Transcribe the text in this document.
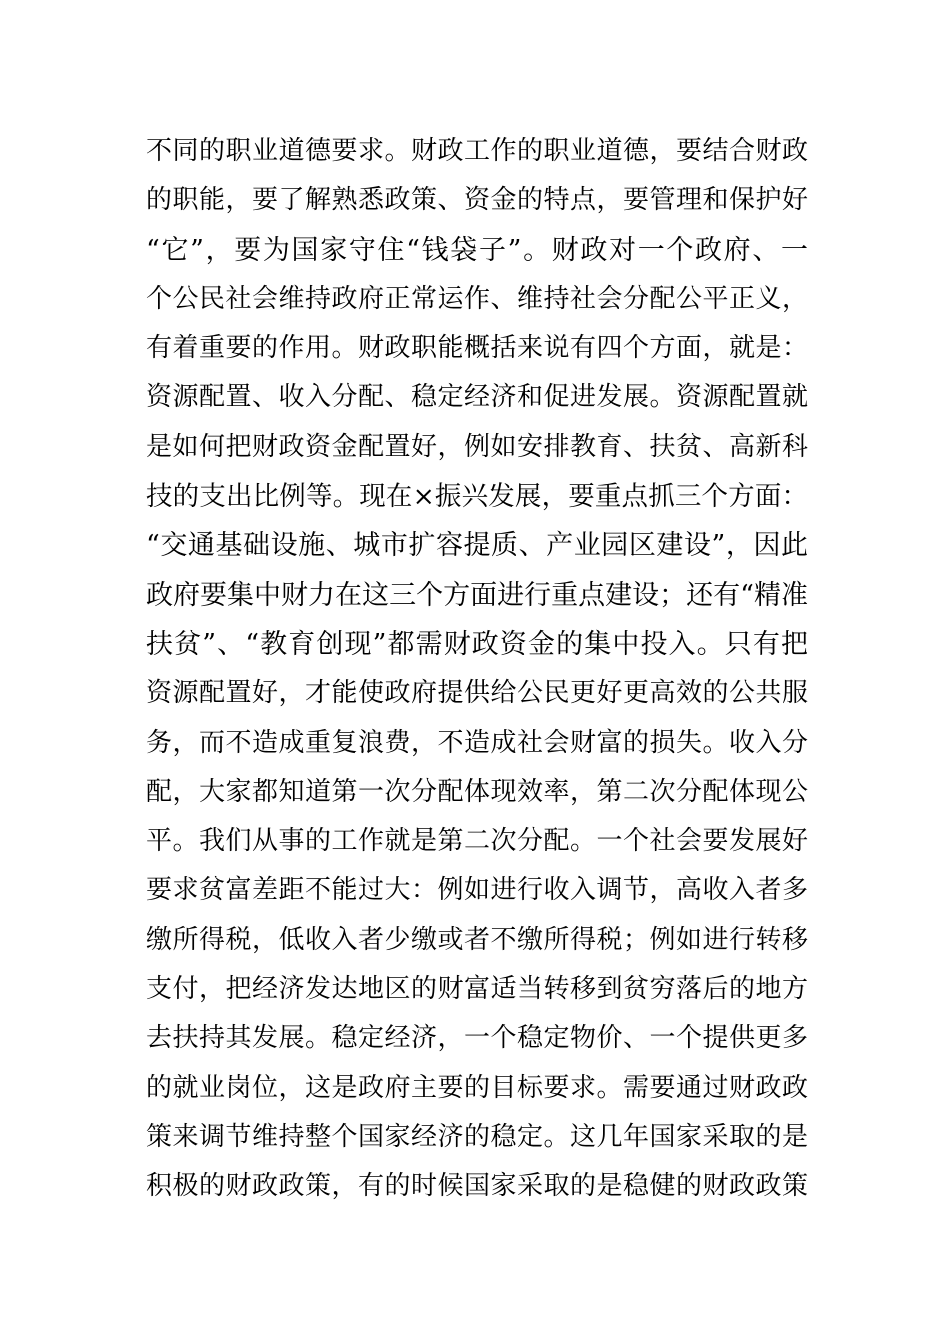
不同的职业道德要求。财政工作的职业道德，要结合财政
的职能，要了解熟悉政策、资金的特点，要管理和保护好
“它”，要为国家守住“钱袋子”。财政对一个政府、一
个公民社会维持政府正常运作、维持社会分配公平正义，
有着重要的作用。财政职能概括来说有四个方面，就是：
资源配置、收入分配、稳定经济和促进发展。资源配置就
是如何把财政资金配置好，例如安排教育、扶贫、高新科
技的支出比例等。现在×振兴发展，要重点抓三个方面：
“交通基础设施、城市扩容提质、产业园区建设”，因此
政府要集中财力在这三个方面进行重点建设；还有“精准
扶贫”、“教育创现”都需财政资金的集中投入。只有把
资源配置好，才能使政府提供给公民更好更高效的公共服
务，而不造成重复浪费，不造成社会财富的损失。收入分
配，大家都知道第一次分配体现效率，第二次分配体现公
平。我们从事的工作就是第二次分配。一个社会要发展好
要求贫富差距不能过大：例如进行收入调节，高收入者多
缴所得税，低收入者少缴或者不缴所得税；例如进行转移
支付，把经济发达地区的财富适当转移到贫穷落后的地方
去扶持其发展。稳定经济，一个稳定物价、一个提供更多
的就业岗位，这是政府主要的目标要求。需要通过财政政
策来调节维持整个国家经济的稳定。这几年国家采取的是
积极的财政政策，有的时候国家采取的是稳健的财政政策
